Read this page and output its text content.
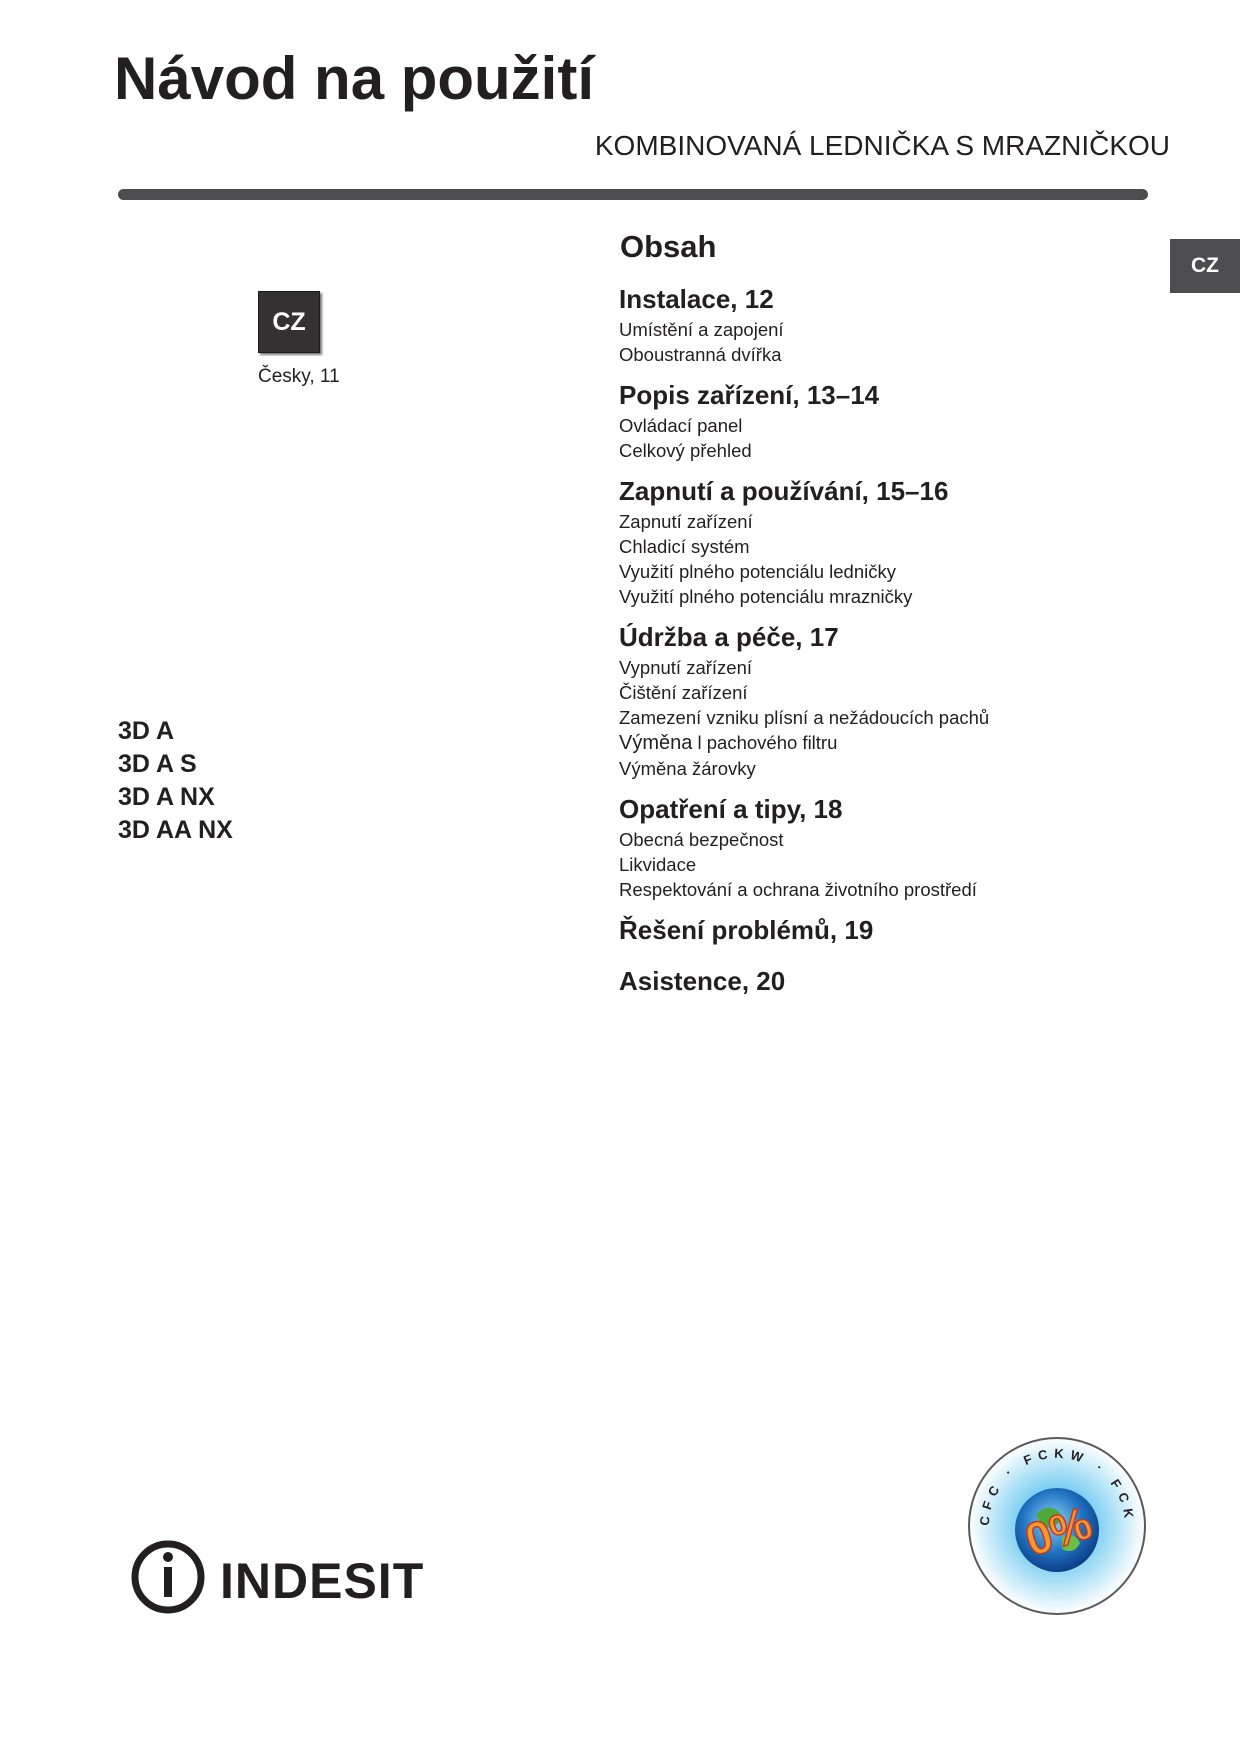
Návod na použití
KOMBINOVANÁ LEDNIČKA S MRAZNIČKOU
CZ
CZ
Česky, 11
3D A
3D A S
3D A NX
3D AA NX
Obsah
Instalace, 12
Umístění a zapojení
Oboustranná dvířka
Popis zařízení, 13–14
Ovládací panel
Celkový přehled
Zapnutí a používání, 15–16
Zapnutí zařízení
Chladicí systém
Využití plného potenciálu ledničky
Využití plného potenciálu mrazničky
Údržba a péče, 17
Vypnutí zařízení
Čištění zařízení
Zamezení vzniku plísní a nežádoucích pachů
Výměna l pachového filtru
Výměna žárovky
Opatření a tipy, 18
Obecná bezpečnost
Likvidace
Respektování a ochrana životního prostředí
Řešení problémů, 19
Asistence, 20
INDESIT
CFC · FCKW · FCK
0%
